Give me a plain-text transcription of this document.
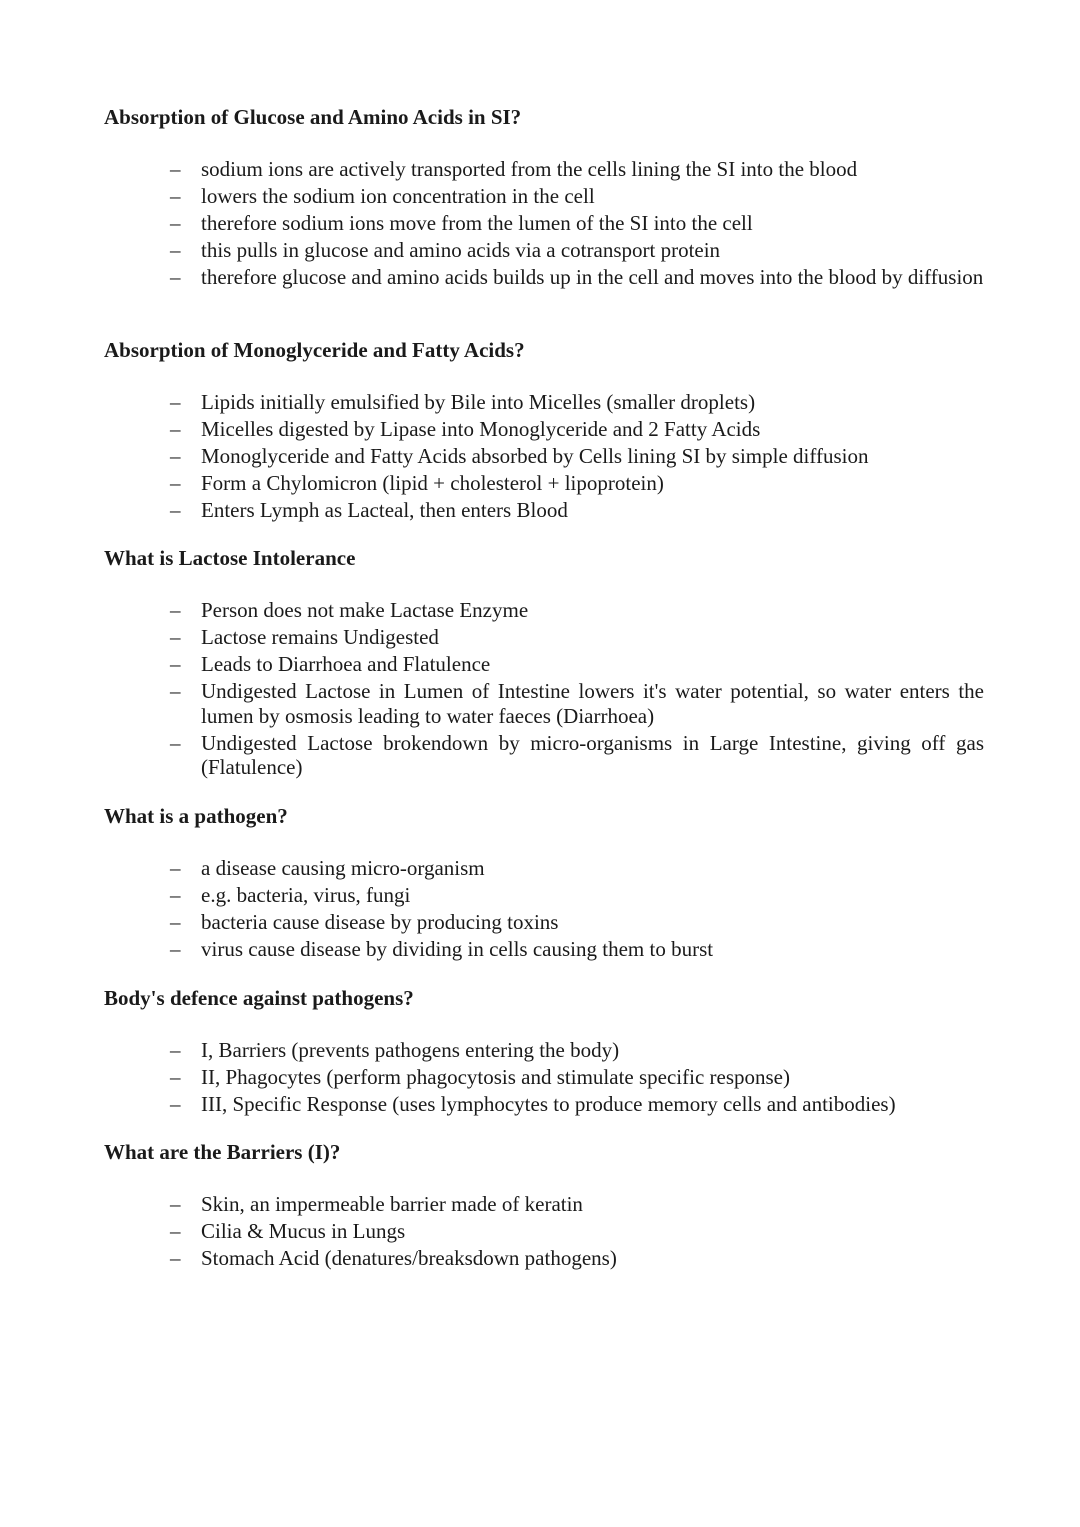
Absorption of Glucose and Amino Acids in SI?
– sodium ions are actively transported from the cells lining the SI into the blood
– lowers the sodium ion concentration in the cell
– therefore sodium ions move from the lumen of the SI into the cell
– this pulls in glucose and amino acids via a cotransport protein
– therefore glucose and amino acids builds up in the cell and moves into the blood by diffusion
Absorption of Monoglyceride and Fatty Acids?
– Lipids initially emulsified by Bile into Micelles (smaller droplets)
– Micelles digested by Lipase into Monoglyceride and 2 Fatty Acids
– Monoglyceride and Fatty Acids absorbed by Cells lining SI by simple diffusion
– Form a Chylomicron (lipid + cholesterol + lipoprotein)
– Enters Lymph as Lacteal, then enters Blood
What is Lactose Intolerance
– Person does not make Lactase Enzyme
– Lactose remains Undigested
– Leads to Diarrhoea and Flatulence
– Undigested Lactose in Lumen of Intestine lowers it's water potential, so water enters the lumen by osmosis leading to water faeces (Diarrhoea)
– Undigested Lactose brokendown by micro-organisms in Large Intestine, giving off gas (Flatulence)
What is a pathogen?
– a disease causing micro-organism
– e.g. bacteria, virus, fungi
– bacteria cause disease by producing toxins
– virus cause disease by dividing in cells causing them to burst
Body's defence against pathogens?
– I, Barriers (prevents pathogens entering the body)
– II, Phagocytes (perform phagocytosis and stimulate specific response)
– III, Specific Response (uses lymphocytes to produce memory cells and antibodies)
What are the Barriers (I)?
– Skin, an impermeable barrier made of keratin
– Cilia & Mucus in Lungs
– Stomach Acid (denatures/breaksdown pathogens)
